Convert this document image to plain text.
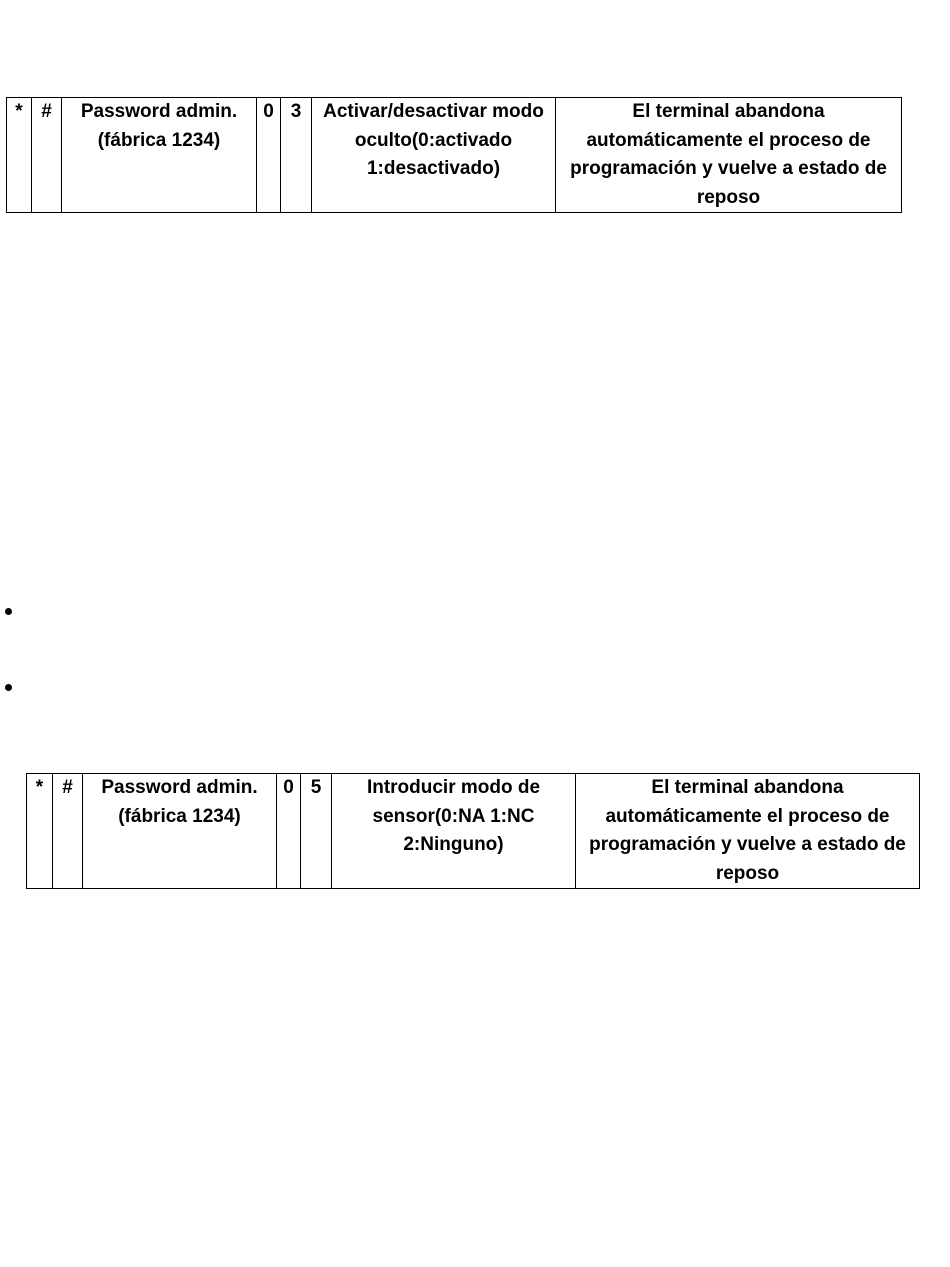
*	#	Password admin. (fábrica 1234)	0	3	Activar/desactivar modo oculto(0:activado 1:desactivado)	El terminal abandona automáticamente el proceso de programación y vuelve a estado de reposo
*	#	Password admin. (fábrica 1234)	0	5	Introducir modo de sensor(0:NA 1:NC 2:Ninguno)	El terminal abandona automáticamente el proceso de programación y vuelve a estado de reposo
